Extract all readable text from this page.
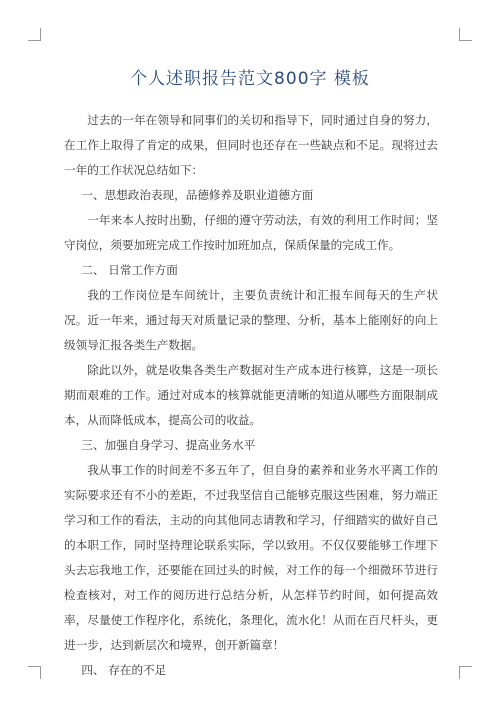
个人述职报告范文800字 模板

过去的一年在领导和同事们的关切和指导下，同时通过自身的努力，在工作上取得了肯定的成果，但同时也还存在一些缺点和不足。现将过去一年的工作状况总结如下：

一、思想政治表现，品德修养及职业道德方面

一年来本人按时出勤，仔细的遵守劳动法，有效的利用工作时间；坚守岗位，须要加班完成工作按时加班加点，保质保量的完成工作。

二、 日常工作方面

我的工作岗位是车间统计，主要负责统计和汇报车间每天的生产状况。近一年来，通过每天对质量记录的整理、分析，基本上能刚好的向上级领导汇报各类生产数据。

除此以外，就是收集各类生产数据对生产成本进行核算，这是一项长期而艰难的工作。通过对成本的核算就能更清晰的知道从哪些方面限制成本，从而降低成本，提高公司的收益。

三、加强自身学习、提高业务水平

我从事工作的时间差不多五年了，但自身的素养和业务水平离工作的实际要求还有不小的差距，不过我坚信自己能够克服这些困难，努力端正学习和工作的看法，主动的向其他同志请教和学习，仔细踏实的做好自己的本职工作，同时坚持理论联系实际，学以致用。不仅仅要能够工作埋下头去忘我地工作，还要能在回过头的时候，对工作的每一个细微环节进行检查核对，对工作的阅历进行总结分析，从怎样节约时间，如何提高效率，尽量使工作程序化，系统化，条理化，流水化！从而在百尺杆头，更进一步，达到新层次和境界，创开新篇章！

四、 存在的不足
